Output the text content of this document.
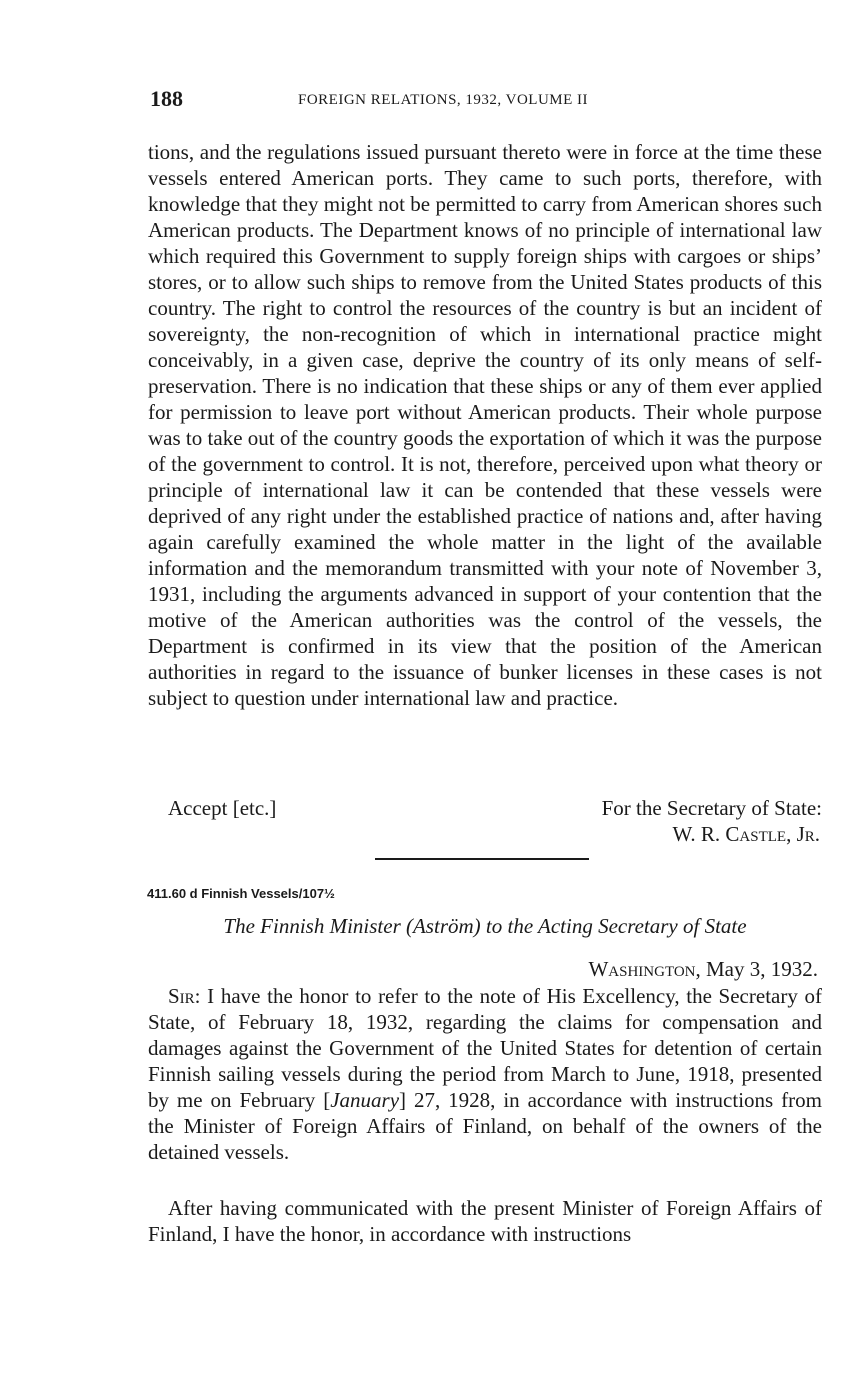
188	FOREIGN RELATIONS, 1932, VOLUME II

tions, and the regulations issued pursuant thereto were in force at the time these vessels entered American ports. They came to such ports, therefore, with knowledge that they might not be permitted to carry from American shores such American products. The Department knows of no principle of international law which required this Government to supply foreign ships with cargoes or ships’ stores, or to allow such ships to remove from the United States products of this country. The right to control the resources of the country is but an incident of sovereignty, the non-recognition of which in international practice might conceivably, in a given case, deprive the country of its only means of self-preservation. There is no indication that these ships or any of them ever applied for permission to leave port without American products. Their whole purpose was to take out of the country goods the exportation of which it was the purpose of the government to control. It is not, therefore, perceived upon what theory or principle of international law it can be contended that these vessels were deprived of any right under the established practice of nations and, after having again carefully examined the whole matter in the light of the available information and the memorandum transmitted with your note of November 3, 1931, including the arguments advanced in support of your contention that the motive of the American authorities was the control of the vessels, the Department is confirmed in its view that the position of the American authorities in regard to the issuance of bunker licenses in these cases is not subject to question under international law and practice.

Accept [etc.]	For the Secretary of State:
W. R. Castle, Jr.
411.60 d Finnish Vessels/107½
The Finnish Minister (Aström) to the Acting Secretary of State
Washington, May 3, 1932.

Sir: I have the honor to refer to the note of His Excellency, the Secretary of State, of February 18, 1932, regarding the claims for compensation and damages against the Government of the United States for detention of certain Finnish sailing vessels during the period from March to June, 1918, presented by me on February [January] 27, 1928, in accordance with instructions from the Minister of Foreign Affairs of Finland, on behalf of the owners of the detained vessels.

After having communicated with the present Minister of Foreign Affairs of Finland, I have the honor, in accordance with instructions
